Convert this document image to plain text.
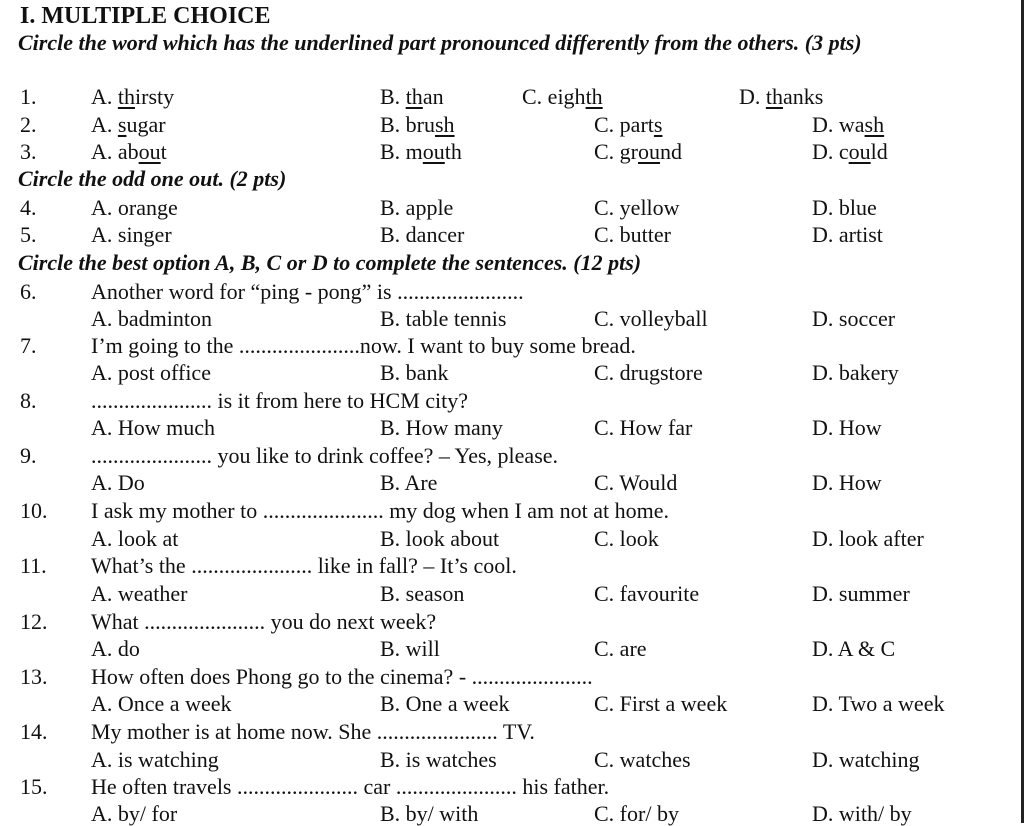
I. MULTIPLE CHOICE
Circle the word which has the underlined part pronounced differently from the others. (3 pts)
1. A. thirsty	B. than	C. eighth	D. thanks
2. A. sugar	B. brush	C. parts	D. wash
3. A. about	B. mouth	C. ground	D. could
Circle the odd one out. (2 pts)
4. A. orange	B. apple	C. yellow	D. blue
5. A. singer	B. dancer	C. butter	D. artist
Circle the best option A, B, C or D to complete the sentences. (12 pts)
6. Another word for “ping - pong” is .......................
A. badminton	B. table tennis	C. volleyball	D. soccer
7. I’m going to the ......................now. I want to buy some bread.
A. post office	B. bank	C. drugstore	D. bakery
8. ...................... is it from here to HCM city?
A. How much	B. How many	C. How far	D. How
9. ...................... you like to drink coffee? – Yes, please.
A. Do	B. Are	C. Would	D. How
10. I ask my mother to ...................... my dog when I am not at home.
A. look at	B. look about	C. look	D. look after
11. What’s the ...................... like in fall? – It’s cool.
A. weather	B. season	C. favourite	D. summer
12. What ...................... you do next week?
A. do	B. will	C. are	D. A & C
13. How often does Phong go to the cinema? - ......................
A. Once a week	B. One a week	C. First a week	D. Two a week
14. My mother is at home now. She ...................... TV.
A. is watching	B. is watches	C. watches	D. watching
15. He often travels ...................... car ...................... his father.
A. by/ for	B. by/ with	C. for/ by	D. with/ by
